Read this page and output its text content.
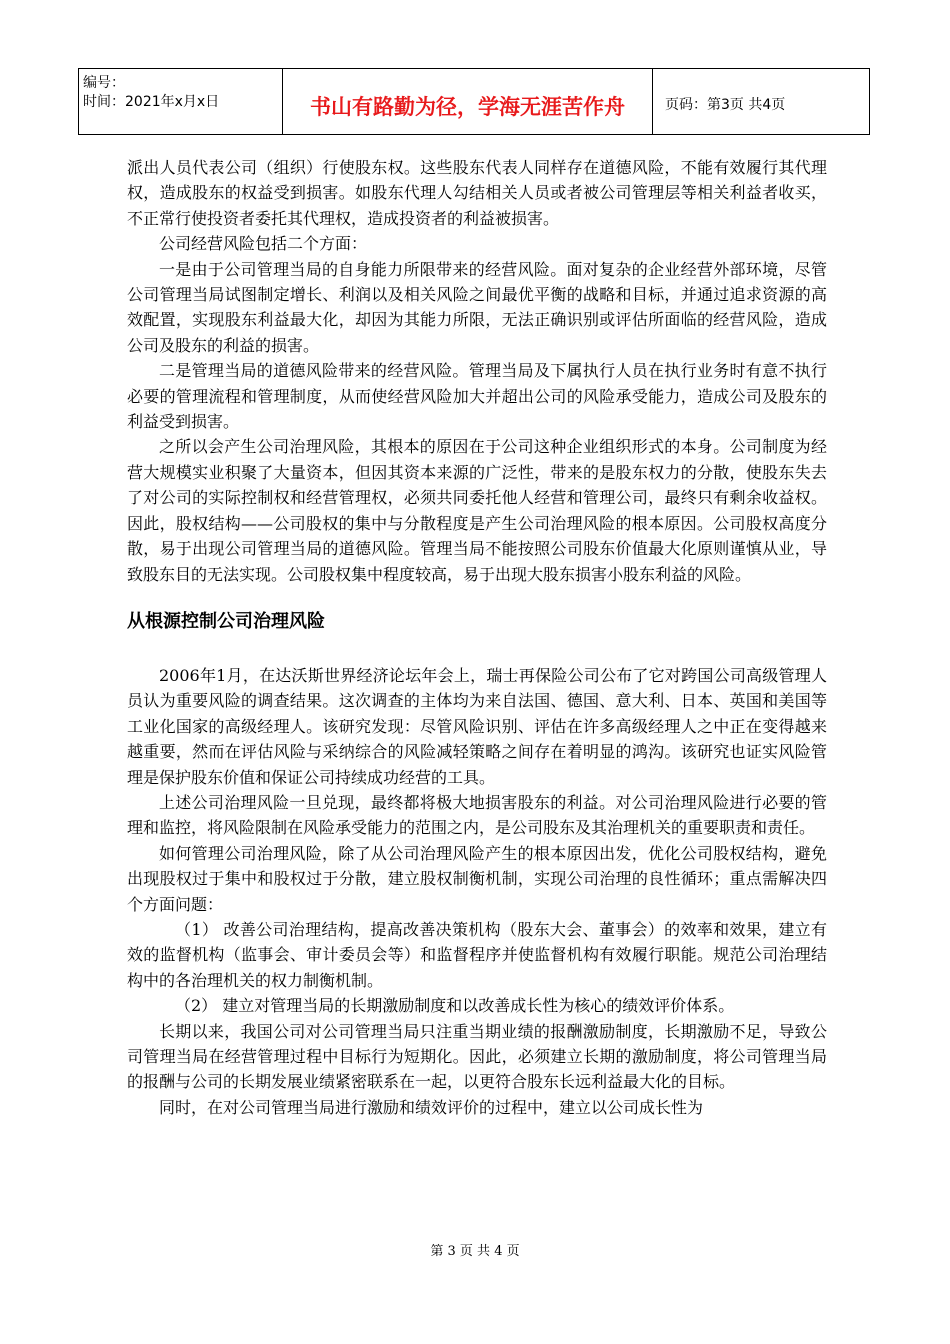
编号：
时间：2021年x月x日	书山有路勤为径，学海无涯苦作舟	页码：第3页 共4页

派出人员代表公司（组织）行使股东权。这些股东代表人同样存在道德风险，不能有效履行其代理权，造成股东的权益受到损害。如股东代理人勾结相关人员或者被公司管理层等相关利益者收买，不正常行使投资者委托其代理权，造成投资者的利益被损害。

公司经营风险包括二个方面：

一是由于公司管理当局的自身能力所限带来的经营风险。面对复杂的企业经营外部环境，尽管公司管理当局试图制定增长、利润以及相关风险之间最优平衡的战略和目标，并通过追求资源的高效配置，实现股东利益最大化，却因为其能力所限，无法正确识别或评估所面临的经营风险，造成公司及股东的利益的损害。

二是管理当局的道德风险带来的经营风险。管理当局及下属执行人员在执行业务时有意不执行必要的管理流程和管理制度，从而使经营风险加大并超出公司的风险承受能力，造成公司及股东的利益受到损害。

之所以会产生公司治理风险，其根本的原因在于公司这种企业组织形式的本身。公司制度为经营大规模实业积聚了大量资本，但因其资本来源的广泛性，带来的是股东权力的分散，使股东失去了对公司的实际控制权和经营管理权，必须共同委托他人经营和管理公司，最终只有剩余收益权。因此，股权结构——公司股权的集中与分散程度是产生公司治理风险的根本原因。公司股权高度分散，易于出现公司管理当局的道德风险。管理当局不能按照公司股东价值最大化原则谨慎从业，导致股东目的无法实现。公司股权集中程度较高，易于出现大股东损害小股东利益的风险。

从根源控制公司治理风险

2006年1月，在达沃斯世界经济论坛年会上，瑞士再保险公司公布了它对跨国公司高级管理人员认为重要风险的调查结果。这次调查的主体均为来自法国、德国、意大利、日本、英国和美国等工业化国家的高级经理人。该研究发现：尽管风险识别、评估在许多高级经理人之中正在变得越来越重要，然而在评估风险与采纳综合的风险减轻策略之间存在着明显的鸿沟。该研究也证实风险管理是保护股东价值和保证公司持续成功经营的工具。

上述公司治理风险一旦兑现，最终都将极大地损害股东的利益。对公司治理风险进行必要的管理和监控，将风险限制在风险承受能力的范围之内，是公司股东及其治理机关的重要职责和责任。

如何管理公司治理风险，除了从公司治理风险产生的根本原因出发，优化公司股权结构，避免出现股权过于集中和股权过于分散，建立股权制衡机制，实现公司治理的良性循环；重点需解决四个方面问题：

（1） 改善公司治理结构，提高改善决策机构（股东大会、董事会）的效率和效果，建立有效的监督机构（监事会、审计委员会等）和监督程序并使监督机构有效履行职能。规范公司治理结构中的各治理机关的权力制衡机制。

（2） 建立对管理当局的长期激励制度和以改善成长性为核心的绩效评价体系。

长期以来，我国公司对公司管理当局只注重当期业绩的报酬激励制度，长期激励不足，导致公司管理当局在经营管理过程中目标行为短期化。因此，必须建立长期的激励制度，将公司管理当局的报酬与公司的长期发展业绩紧密联系在一起，以更符合股东长远利益最大化的目标。

同时，在对公司管理当局进行激励和绩效评价的过程中，建立以公司成长性为

第 3 页 共 4 页
